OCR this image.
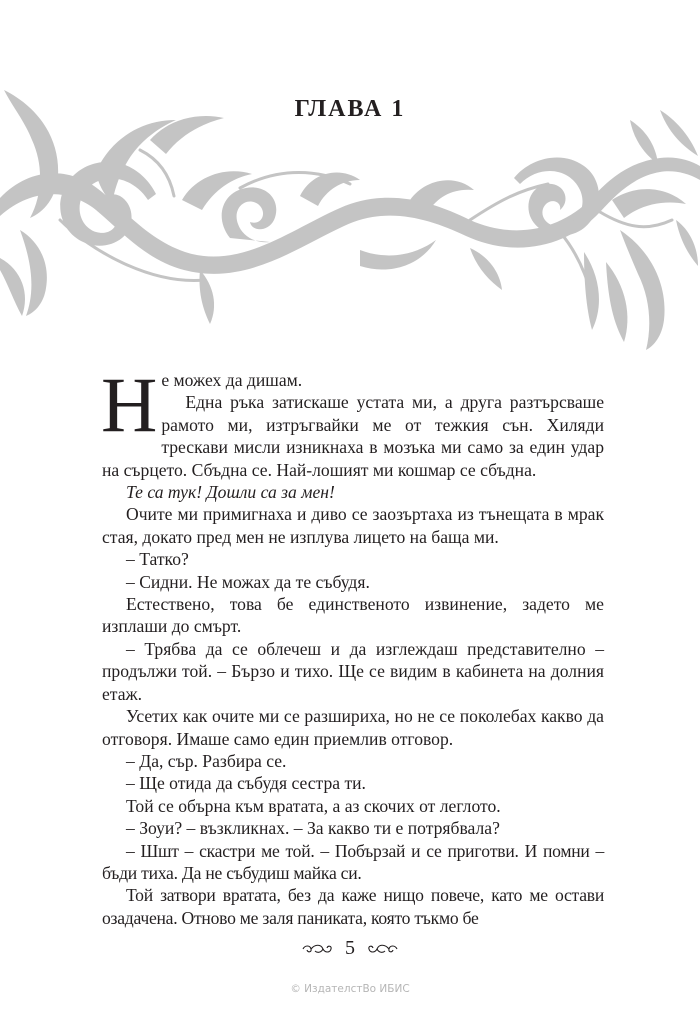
ГЛАВА 1

Не можех да дишам.

Една ръка затискаше устата ми, а друга разтърсваше рамото ми, изтръгвайки ме от тежкия сън. Хиляди трескави мисли изникнаха в мозъка ми само за един удар на сърцето. Сбъдна се. Най-лошият ми кошмар се сбъдна.

Те са тук! Дошли са за мен!

Очите ми примигнаха и диво се заозъртаха из тънещата в мрак стая, докато пред мен не изплува лицето на баща ми.

– Татко?

– Сидни. Не можах да те събудя.

Естествено, това бе единственото извинение, задето ме изплаши до смърт.

– Трябва да се облечеш и да изглеждаш представително – продължи той. – Бързо и тихо. Ще се видим в кабинета на долния етаж.

Усетих как очите ми се разшириха, но не се поколебах какво да отговоря. Имаше само един приемлив отговор.

– Да, сър. Разбира се.

– Ще отида да събудя сестра ти.

Той се обърна към вратата, а аз скочих от леглото.

– Зоуи? – възкликнах. – За какво ти е потрябвала?

– Шшт – скастри ме той. – Побързай и се пригoтви. И помни – бъди тиха. Да не събудиш майка си.

Той затвори вратата, без да каже нищо повече, като ме остави озадачена. Отново ме заля паниката, която тъкмо бе

5
© ИздателстВо ИБИС
